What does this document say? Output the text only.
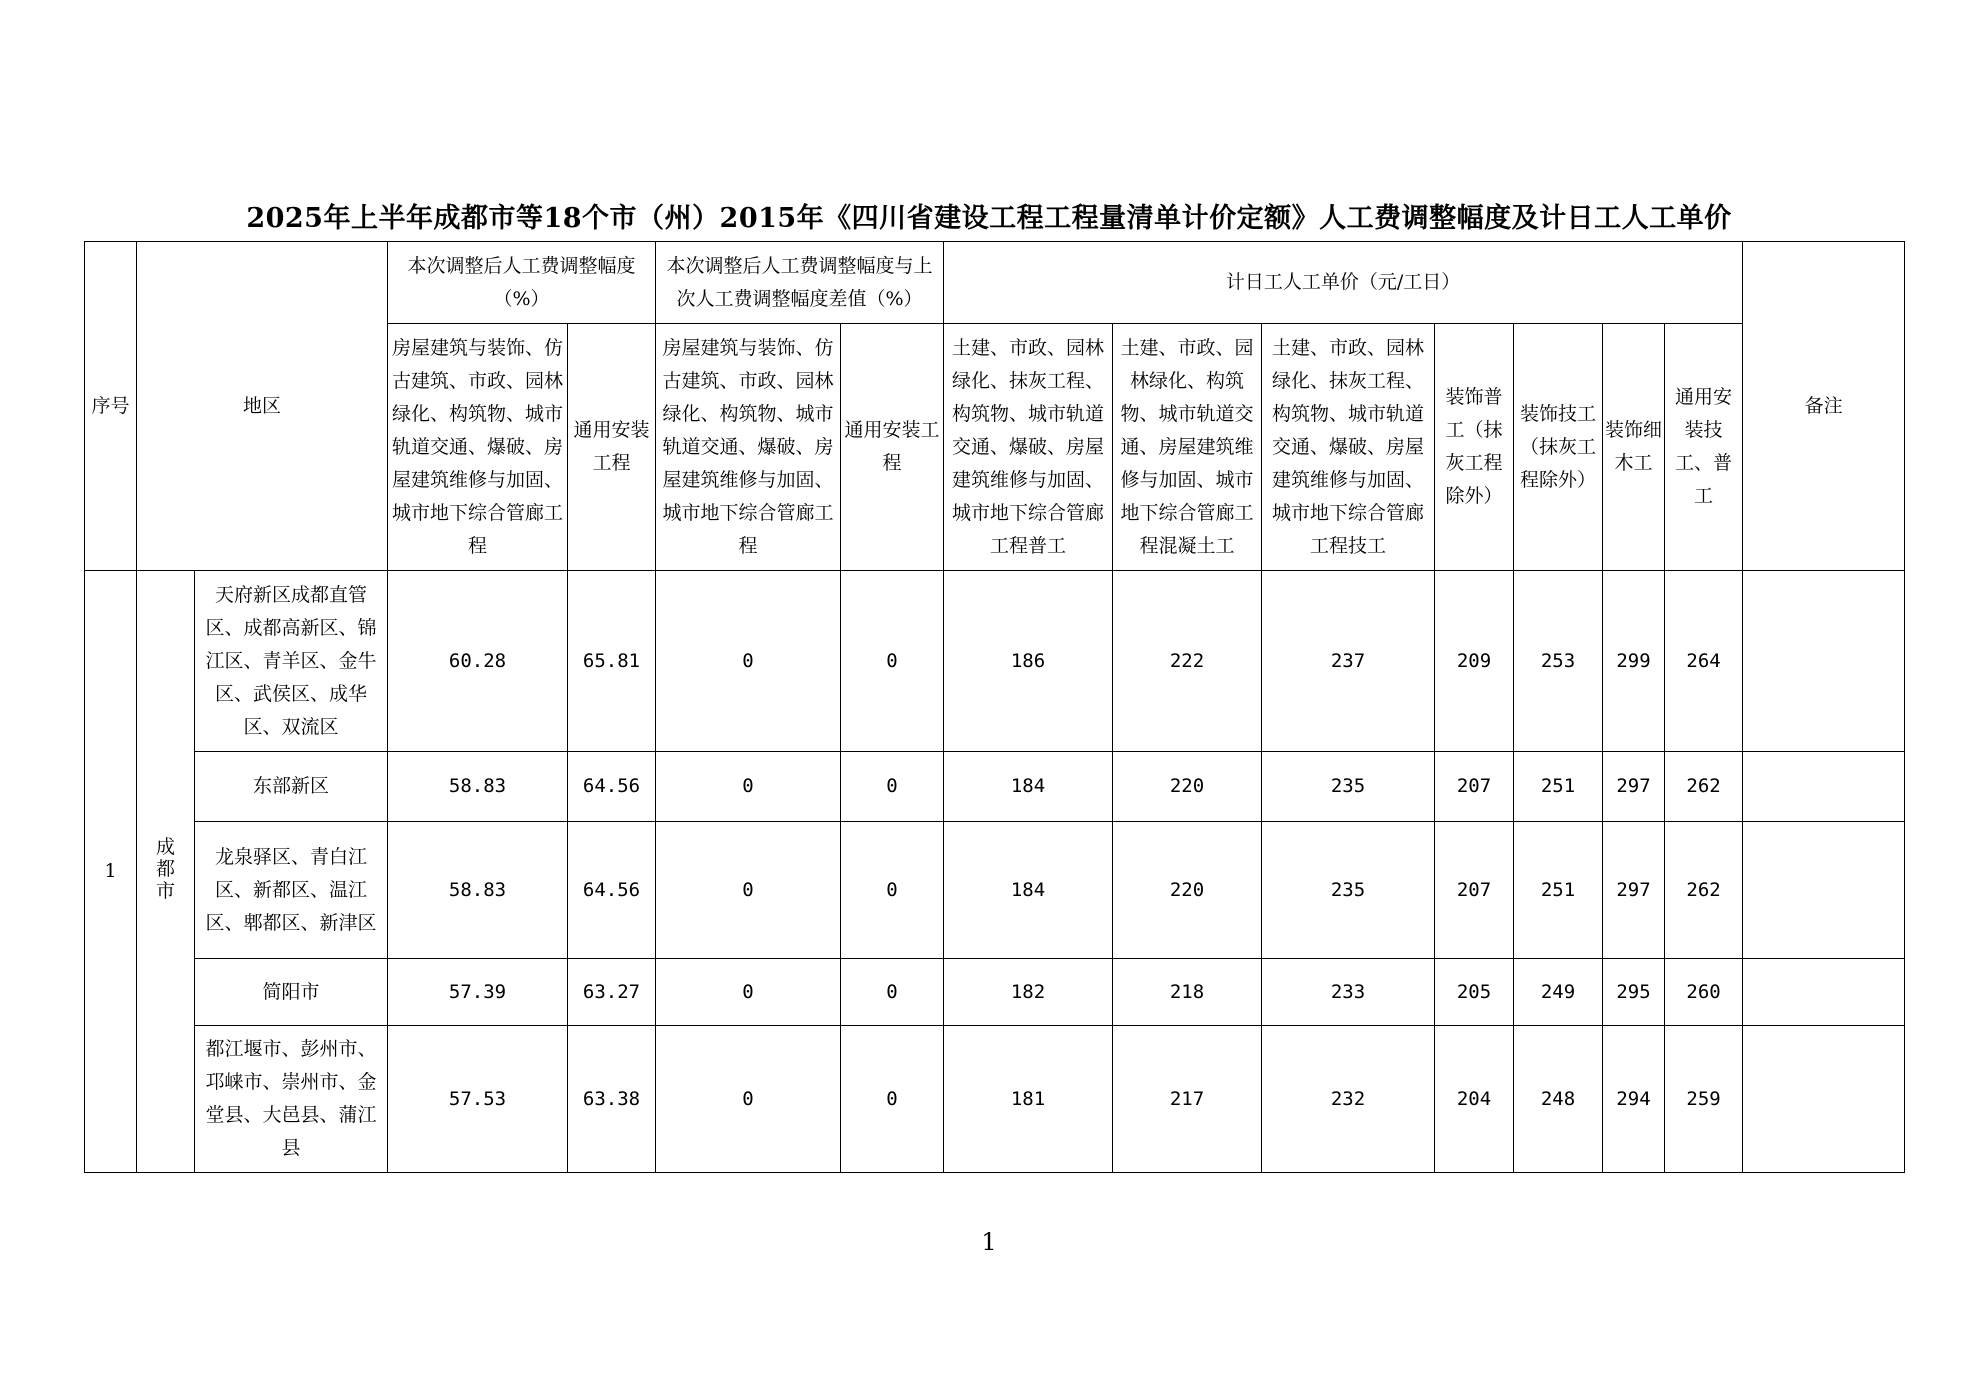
2025年上半年成都市等18个市（州）2015年《四川省建设工程工程量清单计价定额》人工费调整幅度及计日工人工单价
序号	地区		本次调整后人工费调整幅度（%）		本次调整后人工费调整幅度与上次人工费调整幅度差值（%）		计日工人工单价（元/工日）							备注
			房屋建筑与装饰、仿古建筑、市政、园林绿化、构筑物、城市轨道交通、爆破、房屋建筑维修与加固、城市地下综合管廊工程	通用安装工程	房屋建筑与装饰、仿古建筑、市政、园林绿化、构筑物、城市轨道交通、爆破、房屋建筑维修与加固、城市地下综合管廊工程	通用安装工程	土建、市政、园林绿化、抹灰工程、构筑物、城市轨道交通、爆破、房屋建筑维修与加固、城市地下综合管廊工程普工	土建、市政、园林绿化、构筑物、城市轨道交通、房屋建筑维修与加固、城市地下综合管廊工程混凝土工	土建、市政、园林绿化、抹灰工程、构筑物、城市轨道交通、爆破、房屋建筑维修与加固、城市地下综合管廊工程技工	装饰普工（抹灰工程除外）	装饰技工（抹灰工程除外）	装饰细木工	通用安装技工、普工	
1	成都市	天府新区成都直管区、成都高新区、锦江区、青羊区、金牛区、武侯区、成华区、双流区	60.28	65.81	0	0	186	222	237	209	253	299	264	
		东部新区	58.83	64.56	0	0	184	220	235	207	251	297	262	
		龙泉驿区、青白江区、新都区、温江区、郫都区、新津区	58.83	64.56	0	0	184	220	235	207	251	297	262	
		简阳市	57.39	63.27	0	0	182	218	233	205	249	295	260	
		都江堰市、彭州市、邛崃市、崇州市、金堂县、大邑县、蒲江县	57.53	63.38	0	0	181	217	232	204	248	294	259	
1
